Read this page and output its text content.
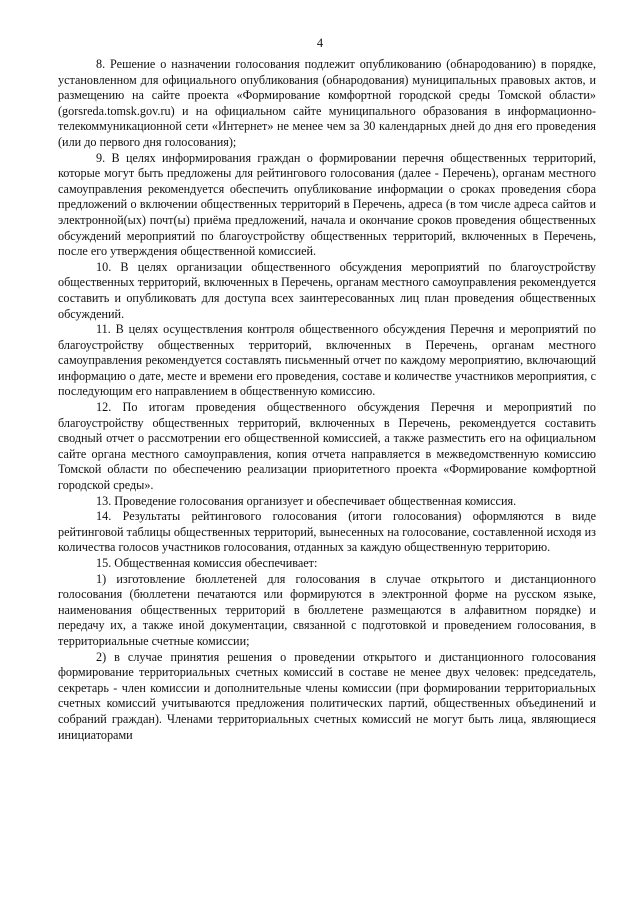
4

8. Решение о назначении голосования подлежит опубликованию (обнародованию) в порядке, установленном для официального опубликования (обнародования) муниципальных правовых актов, и размещению на сайте проекта «Формирование комфортной городской среды Томской области» (gorsreda.tomsk.gov.ru) и на официальном сайте муниципального образования в информационно-телекоммуникационной сети «Интернет» не менее чем за 30 календарных дней до дня его проведения (или до первого дня голосования);

9. В целях информирования граждан о формировании перечня общественных территорий, которые могут быть предложены для рейтингового голосования (далее - Перечень), органам местного самоуправления рекомендуется обеспечить опубликование информации о сроках проведения сбора предложений о включении общественных территорий в Перечень, адреса (в том числе адреса сайтов и электронной(ых) почт(ы) приёма предложений, начала и окончание сроков проведения общественных обсуждений мероприятий по благоустройству общественных территорий, включенных в Перечень, после его утверждения общественной комиссией.

10. В целях организации общественного обсуждения мероприятий по благоустройству общественных территорий, включенных в Перечень, органам местного самоуправления рекомендуется составить и опубликовать для доступа всех заинтересованных лиц план проведения общественных обсуждений.

11. В целях осуществления контроля общественного обсуждения Перечня и мероприятий по благоустройству общественных территорий, включенных в Перечень, органам местного самоуправления рекомендуется составлять письменный отчет по каждому мероприятию, включающий информацию о дате, месте и времени его проведения, составе и количестве участников мероприятия, с последующим его направлением в общественную комиссию.

12. По итогам проведения общественного обсуждения Перечня и мероприятий по благоустройству общественных территорий, включенных в Перечень, рекомендуется составить сводный отчет о рассмотрении его общественной комиссией, а также разместить его на официальном сайте органа местного самоуправления, копия отчета направляется в межведомственную комиссию Томской области по обеспечению реализации приоритетного проекта «Формирование комфортной городской среды».

13. Проведение голосования организует и обеспечивает общественная комиссия.

14. Результаты рейтингового голосования (итоги голосования) оформляются в виде рейтинговой таблицы общественных территорий, вынесенных на голосование, составленной исходя из количества голосов участников голосования, отданных за каждую общественную территорию.

15. Общественная комиссия обеспечивает:

1) изготовление бюллетеней для голосования в случае открытого и дистанционного голосования (бюллетени печатаются или формируются в электронной форме на русском языке, наименования общественных территорий в бюллетене размещаются в алфавитном порядке) и передачу их, а также иной документации, связанной с подготовкой и проведением голосования, в территориальные счетные комиссии;

2) в случае принятия решения о проведении открытого и дистанционного голосования формирование территориальных счетных комиссий в составе не менее двух человек: председатель, секретарь - член комиссии и дополнительные члены комиссии (при формировании территориальных счетных комиссий учитываются предложения политических партий, общественных объединений и собраний граждан). Членами территориальных счетных комиссий не могут быть лица, являющиеся инициаторами
